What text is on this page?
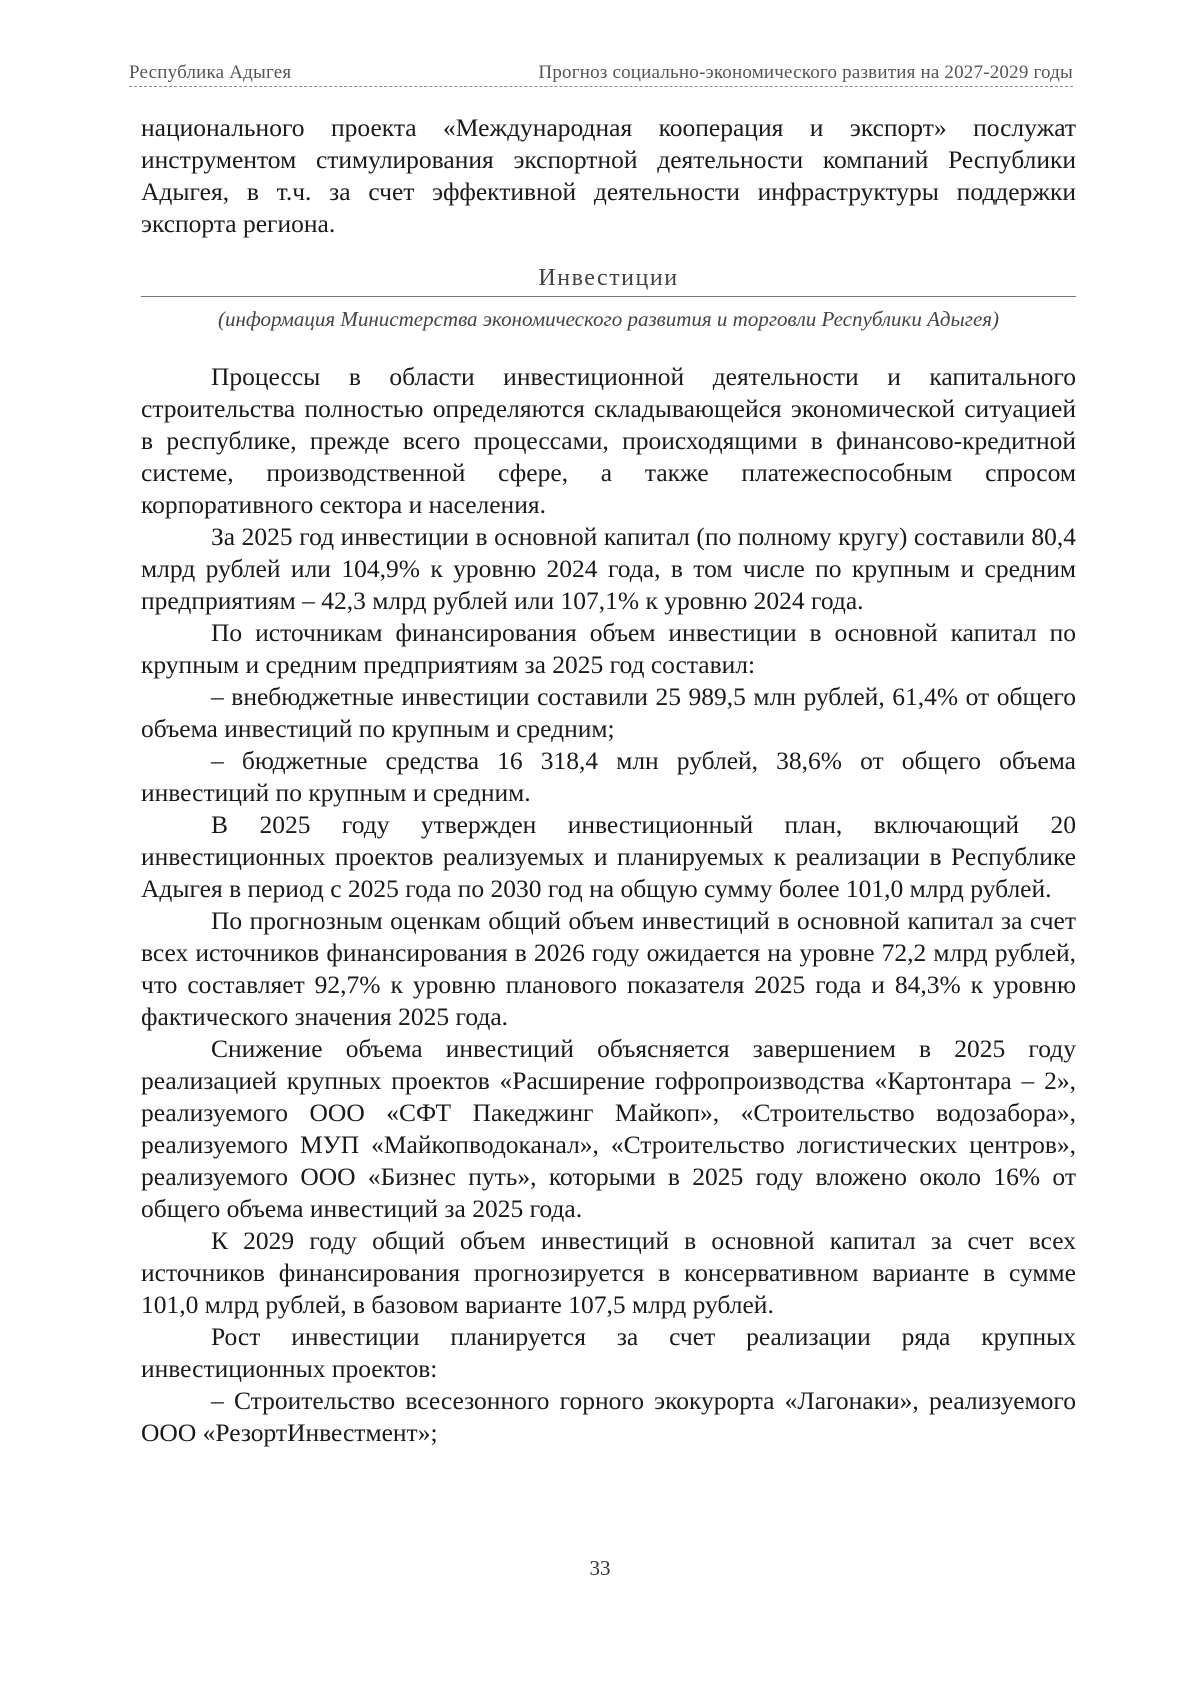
Республика Адыгея	Прогноз социально-экономического развития на 2027-2029 годы

национального проекта «Международная кооперация и экспорт» послужат инструментом стимулирования экспортной деятельности компаний Республики Адыгея, в т.ч. за счет эффективной деятельности инфраструктуры поддержки экспорта региона.

Инвестиции
(информация Министерства экономического развития и торговли Республики Адыгея)

Процессы в области инвестиционной деятельности и капитального строительства полностью определяются складывающейся экономической ситуацией в республике, прежде всего процессами, происходящими в финансово-кредитной системе, производственной сфере, а также платежеспособным спросом корпоративного сектора и населения.

За 2025 год инвестиции в основной капитал (по полному кругу) составили 80,4 млрд рублей или 104,9% к уровню 2024 года, в том числе по крупным и средним предприятиям – 42,3 млрд рублей или 107,1% к уровню 2024 года.

По источникам финансирования объем инвестиции в основной капитал по крупным и средним предприятиям за 2025 год составил:

– внебюджетные инвестиции составили 25 989,5 млн рублей, 61,4% от общего объема инвестиций по крупным и средним;

– бюджетные средства 16 318,4 млн рублей, 38,6% от общего объема инвестиций по крупным и средним.

В 2025 году утвержден инвестиционный план, включающий 20 инвестиционных проектов реализуемых и планируемых к реализации в Республике Адыгея в период с 2025 года по 2030 год на общую сумму более 101,0 млрд рублей.

По прогнозным оценкам общий объем инвестиций в основной капитал за счет всех источников финансирования в 2026 году ожидается на уровне 72,2 млрд рублей, что составляет 92,7% к уровню планового показателя 2025 года и 84,3% к уровню фактического значения 2025 года.

Снижение объема инвестиций объясняется завершением в 2025 году реализацией крупных проектов «Расширение гофропроизводства «Картонтара – 2», реализуемого ООО «СФТ Пакеджинг Майкоп», «Строительство водозабора», реализуемого МУП «Майкопводоканал», «Строительство логистических центров», реализуемого ООО «Бизнес путь», которыми в 2025 году вложено около 16% от общего объема инвестиций за 2025 года.

К 2029 году общий объем инвестиций в основной капитал за счет всех источников финансирования прогнозируется в консервативном варианте в сумме 101,0 млрд рублей, в базовом варианте 107,5 млрд рублей.

Рост инвестиции планируется за счет реализации ряда крупных инвестиционных проектов:

– Строительство всесезонного горного экокурорта «Лагонаки», реализуемого ООО «РезортИнвестмент»;

33
